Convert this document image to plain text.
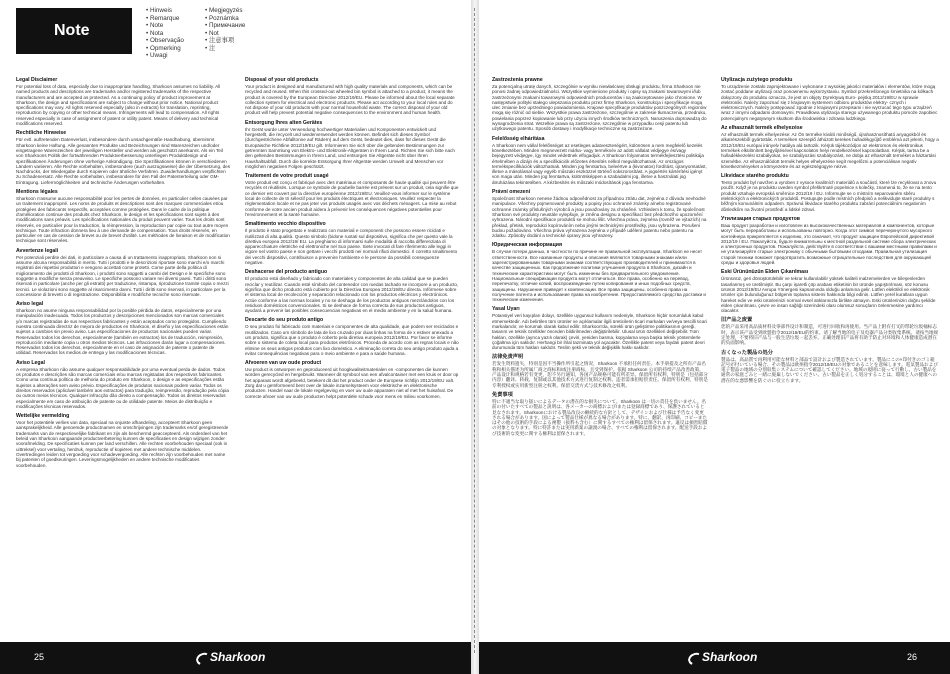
Note
• Hinweis
• Remarque
• Note
• Nota
• Observação
• Opmerking
• Uwagi
• Megjegyzés
• Poznámka
• Примечание
• Not
• 注意事项
• 注
Legal Disclaimer

For potential loss of data, especially due to inappropriate handling, Sharkoon assumes no liability. All named products and descriptions are trademarks and/or registered trademarks of the respective manufacturers and are accepted as protected. As a continuing policy of product improvement at Sharkoon, the design and specifications are subject to change without prior notice. National product specifications may vary. All rights reserved especially (also in extracts) for translation, reprinting, reproduction by copying or other technical means. Infringements will lead to compensation. All rights reserved especially in case of assignment of patent or utility patent. Means of delivery and technical modifications reserved.

Rechtliche Hinweise

Für evtl. auftretenden Datenverlust, insbesondere durch unsachgemäße Handhabung, übernimmt Sharkoon keine Haftung. Alle genannten Produkte und Bezeichnungen sind Warenzeichen und/oder eingetragene Warenzeichen der jeweiligen Hersteller und werden als geschützt anerkannt. Als ein Teil von Sharkoons Politik der fortwährenden Produktverbesserung unterliegen Produktdesign und -spezifikationen Änderungen ohne vorherige Ankündigung. Die Spezifikationen können in verschiedenen Ländern variieren. Alle Rechte vorbehalten, insbesondere (auch auszugsweise) die der Übersetzung, des Nachdrucks, der Wiedergabe durch Kopieren oder ähnliche Verfahren. Zuwiderhandlungen verpflichten zu Schadenersatz. Alle Rechte vorbehalten, insbesondere für den Fall der Patenterteilung oder GM-Eintragung. Liefermöglichkeiten und technische Änderungen vorbehalten.

Mentions légales

Sharkoon n'assume aucune responsabilité pour les pertes de données, en particulier celles causées par un traitement inapproprié. Les noms de produits et descriptions sont des marques commerciales et/ou protégées des fabricants respectifs, acceptées comme protégées. Dans le cadre de la politique d'amélioration continue des produits chez Sharkoon, le design et les spécifications sont sujets à des modifications sans préavis. Les spécifications nationales du produit peuvent varier. Tous les droits sont réservés, en particulier pour la traduction, la réimpression, la reproduction par copie ou tout autre moyen technique. Toute infraction donnera lieu à une demande de compensation. Tous droits réservés, en particulier en cas de cession de brevet ou de brevet d'utilité. Les méthodes de livraison et de modification technique sont réservées.

Avvertenze legali

Per potenziali perdite dei dati, in particolare a causa di un trattamento inappropriato, Sharkoon non si assume alcuna responsabilità in merito. Tutti i prodotti e le descrizioni riportate sono marchi e/o marchi registrati dei rispettivi produttori e vengono accettati come protetti. Come parte della politica di miglioramento dei prodotti di Sharkoon, i prodotti sono soggetti a cambi del Design e le specifiche sono soggette a modifiche senza preavviso. Le specifiche possono variare nei diversi paesi. Tutti i diritti sono riservati in particolare (anche per gli estratti) per traduzione, ristampa, riproduzione tramite copia o mezzi tecnici. Le violazioni sono soggette al risarcimento danni. Tutti i diritti sono riservati, in particolare per la concessione di brevetti o di registrazione. Disponibilità e modifiche tecniche sono riservate.

Aviso legal

Sharkoon no asume ninguna responsabilidad por la posible pérdida de datos, especialmente por una manipulación inadecuada. Todos los productos y descripciones mencionados son marcas comerciales y/o marcas registradas de sus respectivos fabricantes y están aceptados como protegidos. Cumpliendo nuestra continuada directriz de mejora de productos en Sharkoon, el diseño y las especificaciones están sujetos a cambios sin previo aviso. Las especificaciones de productos nacionales pueden variar. Reservados todos los derechos, especialmente (también en extractos) los de traducción, reimpresión, reproducción mediante copia u otros medios técnicos. Las infracciones darán lugar a compensaciones. Reservados todos los derechos, especialmente en el caso de asignación de patente o patente de utilidad. Reservados los medios de entrega y las modificaciones técnicas.

Aviso Legal

A empresa Sharkoon não assume qualquer responsabilidade por uma eventual perda de dados. Todos os produtos e descrições são marcas comerciais e/ou marcas registadas dos respectivos fabricantes. Como uma contínua política de melhoria do produto em Sharkoon, o design e as especificações estão sujeitos a alterações sem aviso prévio. Especificações de produtos nacionais podem variar. Todos os direitos reservados (aplicável também aos extractos) para tradução, reimpressão, reprodução pela cópia ou outros meios técnicos. Qualquer infracção dão direito a compensação. Todos os direitos reservados especialmente em caso de atribuição de patente ou de utilidade patente. Meios de distribuição e modificações técnicas reservados.

Wettelijke vermelding

Voor het potentiële verlies van data, speciaal na onjuiste afhandeling, accepteert Sharkoon geen aansprakelijkheid. Alle genoemde productnamen en omschrijvingen zijn trademarks en/of geregistreerde trademarks van de respectievelijke fabrikant en zijn als beschermd geaccepteerd. Als onderdeel van het beleid van Sharkoon aangaande productverbetering kunnen de specificaties en design wijzigen zonder voorafmelding. De specificaties kunnen per land verschillen. Alle rechten voorbehouden speciaal (ook in uittreksel) voor vertaling, herdruk, reproductie of kopiëren met andere technische middelen. Overtredingen leiden tot vergoeding voor schadevergoeding. Alle rechten zijn voorbehouden met name bij patenten of goedkeuringen. Leveringsmogelijkheden en andere technische modificaties voorbehouden.

Disposal of your old products

Your product is designed and manufactured with high quality materials and components, which can be recycled and reused. When this crossed-out wheeled bin symbol is attached to a product, it means the product is covered by the European Directive 2012/19/EU. Please be informed about the local separate collection system for electrical and electronic products. Please act according to your local rules and do not dispose of your old products with your normal household waste. The correct disposal of your old product will help prevent potential negative consequences to the environment and human health.

Entsorgung Ihres alten Gerätes

Ihr Gerät wurde unter Verwendung hochwertiger Materialien und Komponenten entwickelt und hergestellt, die recycelt und wiederverwendet werden können. Befindet sich dieses Symbol (durchgestrichene Abfalltonne auf Rädern) auf dem Gerät, bedeutet dies, dass für dieses Gerät die Europäische Richtline 2012/19/EU gilt. Informieren Sie sich über die geltenden Bestimmungen zur getrennten Sammlung von Elektro- und Elektronik-Altgeräten in Ihrem Land. Richten Sie sich bitte nach den geltenden Bestimmungen in Ihrem Land, und entsorgen Sie Altgeräte nicht über Ihren Haushaltsabfall. Durch die korrekte Entsorgung Ihrer Altgeräte werden Umwelt und Menschen vor möglichen negativen Folgen geschützt.

Traitement de votre produit usagé

Votre produit est conçu et fabriqué avec des matériaux et composants de haute qualité qui peuvent être recyclés et réutilisés. Lorsque ce symbole de poubelle barrée est présent sur un produit, cela signifie que ce dernier est couvert par la directive européenne 2012/19/EU. Veuillez-vous informer sur le système local de collecte de tri sélectif pour les produits électriques et électroniques. Veuillez respecter la réglementation locale et ne pas jeter vos produits usagés avec vos déchets ménagers. La mise au rebut conforme de votre ancien produit aidera à prévenir les conséquences négatives potentielles pour l'environnement et la santé humaine.

Smaltimento vecchio dispositivo

Il prodotto è stato progettato e realizzato con materiali e componenti che possono essere riciclati e riutilizzati di alta qualità. Questo simbolo (bidone ruotati sul dispositivo, significa che per questo vale la direttiva europea 2012/19/ EU. La preghiamo di informarsi sulle modalità di raccolta differenziata di apparecchiature elettriche ed elettroniche nel Suo paese. Siete invocati di fare riferimento alle leggi in vigore nel vostro paese e non gettare i vecchi prodotti nei normali rifiuti domestici. Il corretto smaltimento dei vecchi dispositivi, contribuisce a prevenire l'ambiente e le persone da possibili conseguenze negative.

Deshacerse del producto antiguo

El producto está diseñado y fabricado con materiales y componentes de alta calidad que se pueden reciclar y reutilizar. Cuando esté símbolo del contenedor con ruedas tachado se incorpore a un producto, significa que dicho producto está cubierto por la Directiva Europea 2012/19/EU directa. Infórmese sobre el sistema local de recolección y separación relacionado con los productos eléctricos y electrónicos. Actúe conforme a las normas locales y no se deshaga de los productos antiguos mezclándolos con los residuos domésticos convencionales. Si se deshace de forma correcta de sus productos antiguos, ayudará a prevenir las posibles consecuencias negativas en el medio ambiente y en la salud humana.

Descarte do seu produto antigo

O seu produto foi fabricado com materiais e componentes de alta qualidade, que podem ser reciclados e reutilizados. Caso um símbolo de lata de lixo cruzado por duas linhas na forma de x estiver anexado a um produto, significa que o produto é coberto pela diretiva europeia 2012/19/EU. Por favor se informe sobre o sistema de coleta local para produtos eletrônicos. Proceda de acordo com as regras locais e não elimine os seus antigos produtos com lixo doméstico. A eliminação correta do seu antigo produto ajuda a evitar consequências negativas para o meio ambiente e para a saúde humana.

Afvoeren van uw oude product

Uw product is ontworpen en geproduceerd uit hoogkwaliteitmaterialen en -componenten die kunnen worden gerecycled en hergebruikt. Wanneer dit symbool van een afvalcontainer met een kruis er door op het apparaat wordt afgebeeld, betekent dit dat het product onder de Europese richtlijn 2012/19/EU valt. Zorg dat u geïnformeerd bent over de lokale inzamelsysteem voor elektrische en elektronische producten. Handel naar de lokale regelgeving en voer uw oude apparaten niet af met het huisafval. De correcte afvoer van uw oude producten helpt potentiële schade voor mens en milieu voorkomen.

25	Sharkoon
Zastrzeżenia prawne

Za potencjalną utratę danych, szczególnie w wyniku niewłaściwej obsługi produktu, firma Sharkoon nie ponosi żadnej odpowiedzialności. Wszystkie wymienione produkty i opisy są znakami towarowymi i/lub zastrzeżonymi znakami towarowymi odpowiednich producentów i są zaakceptowane jako chronione. W następstwie polityki stałego ulepszania produktu przez firmę Sharkoon, konstrukcja i specyfikacje mogą ulec zmianie bez uprzedniego powiadomienia. Krajowe specyfikacje produktów poszczególnych regionów mogą się różnić od siebie. Wszystkie prawa zastrzeżone, szczególnie w zakresie tłumaczenia, przedruku, powielania poprzez kopiowanie lub przy użyciu innych środków technicznych. Naruszenia doprowadzą do wynagrodzenia strat. Wszelkie prawa są zastrzeżone, szczególnie w przypadku cesji patentu lub użytkowego patentu. Sposób dostawy i modyfikacje techniczne są zastrzeżone.

Felelősség elhárítása

A Sharkoon nem vállal felelősséget az esetleges adatveszteségért, különösen a nem megfelelő kezelés következtében. Minden megnevezett márka- vagy terméknév az adott vállalat védjegye és/vagy bejegyzett védjegye, így mindet védettnek elfogadjuk. A Sharkoon folyamatos termékfejlesztési politikája értelmében a dizájn és a specifikációk előzetes értesítés nélkül megváltozhatnak. Az országos termékspecifikációk változhatnak. Minden jog fenntartva, beleértve a (kivonatos) fordítást, újranyomtatást, illetve a másolással vagy egyéb műszaki eszközzel történő sokszorosítást. A jogsértés kártérítési igényt von maga után. Minden jog fenntartva, különösképpen a szabadalmi jog, illetve a használati jog átruházása tekintetében. A kézbesítés és műszaki módosítások joga fenntartva.

Právní omezení

Společnost Sharkoon nenese žádnou odpovědnost za případnou ztrátu dat, zejména z důvodu nevhodné manipulace. Všechny pojmenované produkty a popisy jsou ochranné známky a/nebo registrované ochranné známky příslušných výrobců a jsou považovány za chráněné. Vzhledem k tomu, že společnost Sharkoon své produkty neustále vylepšuje, je změna designu a specifikací bez předchozího upozornění vyhrazena. Národní specifikace produktů se mohou lišit. Všechna práva, zejména (rovněž ve výtazích) na překlad, přetisk, reprodukci kopírováním nebo jinými technickými prostředky, jsou vyhrazena. Porušení budou požadováno. Všechna práva vyhrazena zejména v případě udělení patentu nebo patentu na zdatku. Způsoby dodání a technické úpravy jsou vyhrazeny.

Юридическая информация

В случае потери данных, в частности по причине не правильной эксплуатации, Sharkoon не несет ответственности. Все названные продукты и описания являются товарными знаками и/или зарегистрированными товарными знаками соответствующих производителей и принимаются в качестве защищенных. Как продолжение политики улучшения продукта в Sharkoon, дизайн и технические характеристики могут быть изменены без предварительного уведомления. Национальные спецификации продукта могут отличаться. Все права, особенно на перевод, перепечатку, отличие копий, воспроизведение путем копирования и иных подобных средств, защищены. Нарушение приведет к компенсации. Все права защищены, особенно права на получение патента и использование права на изобретение. Предоставляемого средства доставки и технические изменения.

Yasal Uyarı

Potansiyel veri kayıpları dolayı, özellikle uygunsuz kullanım nedeniyle, Sharkoon hiçbir sorumluluk kabul etmemektedir. Adı belirtilen tüm ürünler ve açıklamalar ilgili üreticilerin ticari markaları ve/veya tescilli ticari markalarıdır, ve korumalı olarak kabul edilir. Sharkoon'da, sürekli ürün geliştirme politikasının gereği, tasarım ve teknik özellikler önceden bildirilmeden değiştirilebilir. Ulusal ürün özellikleri değişebilir. Tüm hakları, özellikle (ayrıca yazılı olarak) çeviri, yeniden basma, kopyalama veya başka teknik yöntemlerle çoğaltma için saklıdır. Herhangi bir ihlal tazminata yol açacaktır. Özellikle patent veya faydalı patent devri durumunda tüm hakları saklıdır. Teslim şekli ve teknik değişiklik hakkı saklıdır.

法律免责声明

若发生资料遗失，特别是因不当操作所引起之情况，Sharkoon 不承担任何责任。本手册提及之所有产品名称和相关描述为所属厂商之商标和/或注册商标，且受到保护。依据 Sharkoon 公司的持续产品改善政策，产品设计和规格若有变更，恕不另行通知，各国产品规格可能有所差异。保留所有权利，特别是（包括部分内容）翻译、转载、复制或以其他技术方式进行复制之权利。违者需承担赔偿责任。保留所有权利，特别是专利授权或实用新型注册之权利。保留交货方式与技术修改之权利。

免責事項

特に不適当な取り扱いによるデータの潜在的な損失について、Sharkoon は一切の責任を負いません。名前の付いたすべての製品と説明は、各メーカーの商標および/または登録商標であり、保護されていると見なされます。Sharkoonにおける製品改良の継続的な方針として、デザインおよび仕様は予告なく変更される場合があります。国によって製品仕様が異なる場合があります。特に、翻訳、再印刷、コピーまたはその他の技術的手段による複製（抜粋も含む）に関するすべての権利は留保されます。違反は損害賠償の対象となります。特に特許または実用新案の譲渡の場合、すべての権利は留保されます。配送手段および技術的な変更に関する権利は留保されます。

Utylizacja zużytego produktu

To urządzenie zostało zaprojektowane i wykonane z wysokiej jakości materiałów i elementów, które mogą zostać poddane utylizacji oraz ponownemu wykorzystaniu. Symbol przekreślonego śmietnika na kółkach dołączony do produktu oznacza, że jest on objęty Dyrektywą Euro- pejską 2012/19/EU w sprawie elektroniki. Należy zapoznać się z krajowym systemem odbioru produktów elektry- cznych i elektronicznych. Należy postępować zgodnie z krajowymi przepisami i nie wyrzucać tego typu urządzeń wraz z innymi odpadami domowymi. Prawidłowa utylizacja starego używanego produktu pomoże zapobiec potencjalnym negatywnym skutkom dla środowiska i zdrowia ludzkiego.

Az elhasznált termék elhelyezése

Az elhasznált termék elhelyezése: Az Ön terméke kiváló minőségű, újrahasznosítható anyagokból és alkatrészekből gyártották. A terméken szereplő áthúzott kerekes hulladékgyűjtő emblémá azt jelenti, hogy a 2012/19/EU európai irányelv hatálya alá tartozik. Kérjük tájékozódjon az elektromos és elektronikus termékek elkülönített begyűjtésével kapcsolatos helyi rendelkezéssel kapcsolatban. Kérjük, tartsa be a hulladékkezelési szabályokat, ne szabályozási szabályozást, ne dobja az elhasznált terméket a háztartási szemétbe. Az elhasználódott termék helyes elhelyezése segít megelőzni a potenciálisan negatív következményeket a környezetre és az egészségügyre nézve.

Likvidace starého produktu

Tento produkt byl navržen a vyroben z vysoce kvalitních materiálů a součástí, které lze recyklovat a znovu použít. Když je na produktu uveden symbol přeškrtnuté popelnice s kolečky, znamená to, že se na tento produkt vztahuje evropská směrnice 2012/19 / EU. Informujte se o místním separovaném sběru elektrických a elektronických produktů. Postupujte podle místních předpisů a nelikvidujte staré produkty s běžným komunálním odpadem. Správná likvidace starého produktu zabrání potenciálním negativním důsledkům na životní prostředí a lidské zdraví.

Утилизация старых продуктов

Ваш продукт разработан и изготовлен из высококачественных материалов и компонентов, которые могут быть переработаны и использованы повторно. Когда этот символ перечеркнутого мусорного контейнера прикрепляется к изделию, это означает, что продукт защищен Европейской директивой 2012/19 / EU. Пожалуйста, будьте внимательны к местной раздельной системе сбора электрических и электронных продуктов. Пожалуйста, действуйте в соответствии с вашими местными правилами и не утилизируйте старые электронику с обычными бытовыми отходами. Правильная утилизация старой техники поможет предотвратить возможные отрицательные последствия для окружающей среды и здоровья людей.

Eski Ürününüzün Elden Çıkarılması

Ürününüz, geri dönüştürülebilir ve tekrar kullanılabilir yüksek kaliteli malzemelerden ve bileşenlerden tasarlanmış ve üretilmiştir. Bu çarpı işaretli çöp arabası etiketinin bir üründe yapıştırılması, söz konusu ürünün 2012/19/EU Avrupa Yönergesi kapsamında olduğu anlamına gelir. Lütfen elektrikli ve elektronik ürünler için bulunduğunuz bölgenin toplama sistemi hakkında bilgi edinin. Lütfen yerel kurallara uygun hareket edin ve eski ürünlerinizi normal evsel atıklarınızla birlikte atmayın. Eski ürünlerinizin doğru şekilde elden çıkarılması, çevre ve insan sağlığı üzerindeki olası olumsuz sonuçların önlenmesine yardımcı olacaktır.

旧产品之废置

您的产品采用高品质材料及零部件设计和制造，可进行回收和再使用。当产品上附有打叉的带轮垃圾桶标志时，表示该产品受到欧盟指令2012/19/EU的约束。请了解当地的电子及电器产品分类收集系统。请按当地规定处理，不要将旧产品与一般生活垃圾一起丢弃。正确处理旧产品将有助于防止对环境和人体健康造成潜在的负面影响。

古くなった製品の処分

製品は、高品質で再利用可能な材料と部品で設計および製造されています。製品にこの×印付きのゴミ箱記号が付いている場合、その製品は欧州指令2012/19/EUの対象であることを意味します。電気製品および電子製品の地域の分別収集システムについて確認してください。地域の規則に従って行動し、古い製品を通常の家庭ごみと一緒に廃棄しないでください。古い製品を正しく処分することは、環境と人の健康への潜在的な悪影響を防ぐのに役立ちます。

Sharkoon	26
